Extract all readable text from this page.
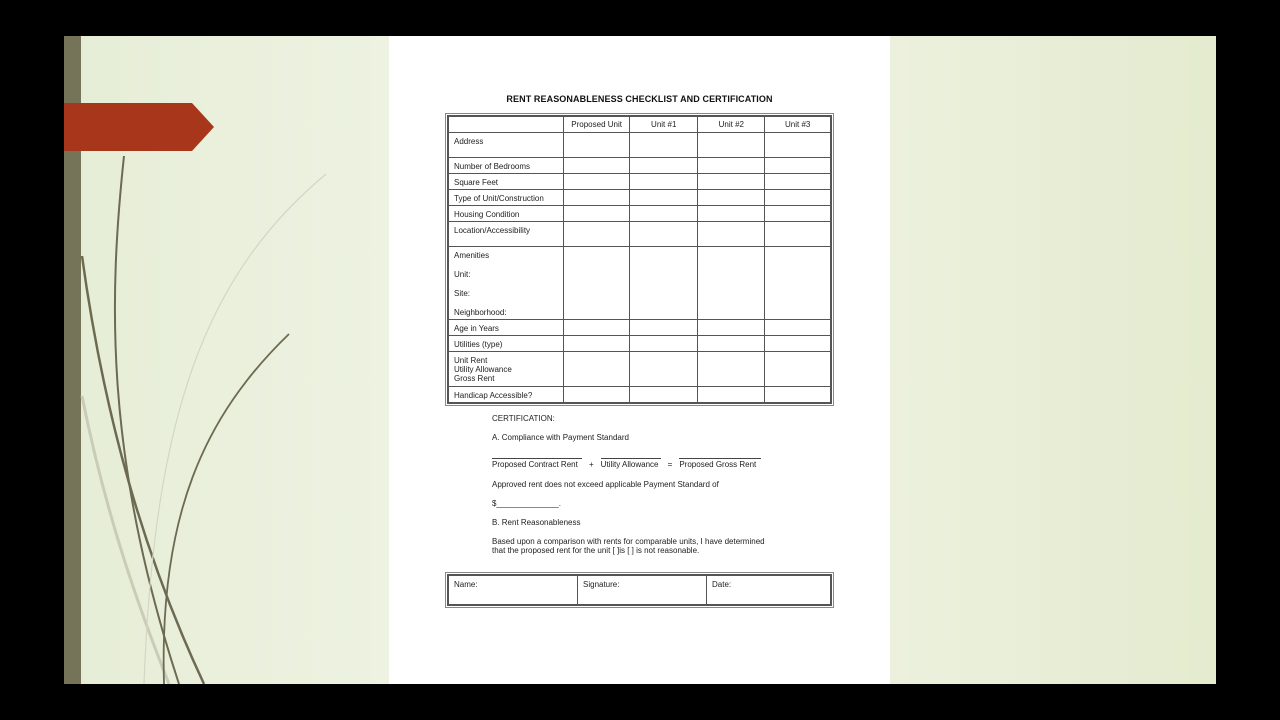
RENT REASONABLENESS CHECKLIST AND CERTIFICATION
	Proposed Unit	Unit #1	Unit #2	Unit #3
Address				
Number of Bedrooms				
Square Feet				
Type of Unit/Construction				
Housing Condition				
Location/Accessibility				

Amenities
Unit:
Site:
Neighborhood:				

Age in Years				
Utilities (type)				

Unit Rent
Utility Allowance
Gross Rent				

Handicap Accessible?				
CERTIFICATION:
A. Compliance with Payment Standard
Proposed Contract Rent + Utility Allowance = Proposed Gross Rent
Approved rent does not exceed applicable Payment Standard of
$______________.
B. Rent Reasonableness
Based upon a comparison with rents for comparable units, I have determined
that the proposed rent for the unit [ ]is [ ] is not reasonable.
Name:	Signature:	Date:
